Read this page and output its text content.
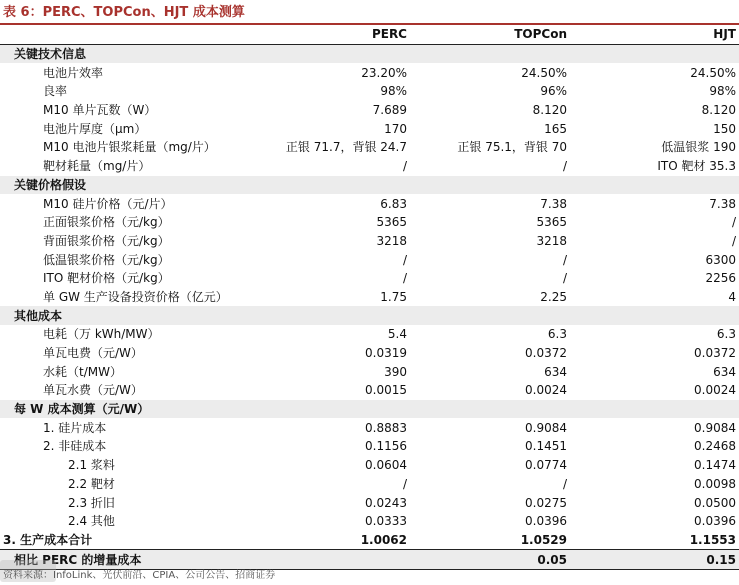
表 6：PERC、TOPCon、HJT 成本测算
	PERC	TOPCon	HJT
关键技术信息			
电池片效率	23.20%	24.50%	24.50%
良率	98%	96%	98%
M10 单片瓦数（W）	7.689	8.120	8.120
电池片厚度（μm）	170	165	150
M10 电池片银浆耗量（mg/片）	正银 71.7，背银 24.7	正银 75.1，背银 70	低温银浆 190
靶材耗量（mg/片）	/	/	ITO 靶材 35.3
关键价格假设			
M10 硅片价格（元/片）	6.83	7.38	7.38
正面银浆价格（元/kg）	5365	5365	/
背面银浆价格（元/kg）	3218	3218	/
低温银浆价格（元/kg）	/	/	6300
ITO 靶材价格（元/kg）	/	/	2256
单 GW 生产设备投资价格（亿元）	1.75	2.25	4
其他成本			
电耗（万 kWh/MW）	5.4	6.3	6.3
单瓦电费（元/W）	0.0319	0.0372	0.0372
水耗（t/MW）	390	634	634
单瓦水费（元/W）	0.0015	0.0024	0.0024
每 W 成本测算（元/W）			
1. 硅片成本	0.8883	0.9084	0.9084
2. 非硅成本	0.1156	0.1451	0.2468
2.1 浆料	0.0604	0.0774	0.1474
2.2 靶材	/	/	0.0098
2.3 折旧	0.0243	0.0275	0.0500
2.4 其他	0.0333	0.0396	0.0396
3. 生产成本合计	1.0062	1.0529	1.1553
相比 PERC 的增量成本		0.05	0.15
资料来源：InfoLink、光伏前沿、CPIA、公司公告、招商证券
